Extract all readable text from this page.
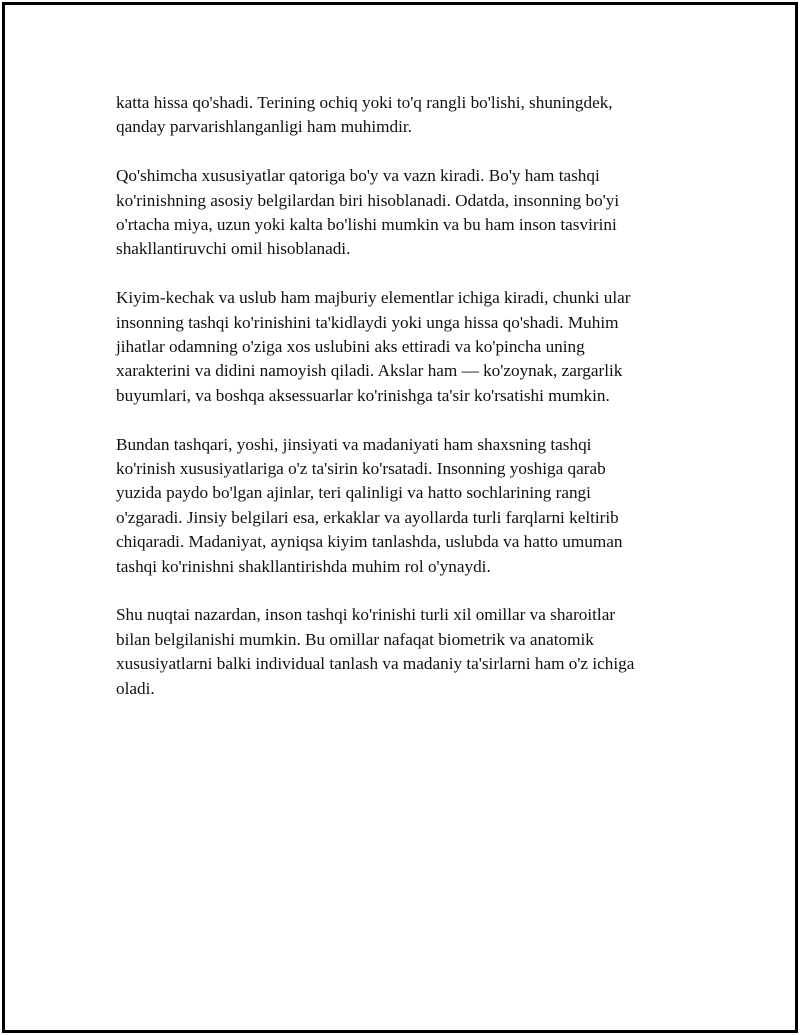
katta hissa qo'shadi. Terining ochiq yoki to'q rangli bo'lishi, shuningdek,
qanday parvarishlanganligi ham muhimdir.

Qo'shimcha xususiyatlar qatoriga bo'y va vazn kiradi. Bo'y ham tashqi
ko'rinishning asosiy belgilardan biri hisoblanadi. Odatda, insonning bo'yi
o'rtacha miya, uzun yoki kalta bo'lishi mumkin va bu ham inson tasvirini
shakllantiruvchi omil hisoblanadi.

Kiyim-kechak va uslub ham majburiy elementlar ichiga kiradi, chunki ular
insonning tashqi ko'rinishini ta'kidlaydi yoki unga hissa qo'shadi. Muhim
jihatlar odamning o'ziga xos uslubini aks ettiradi va ko'pincha uning
xarakterini va didini namoyish qiladi. Akslar ham — ko'zoynak, zargarlik
buyumlari, va boshqa aksessuarlar ko'rinishga ta'sir ko'rsatishi mumkin.

Bundan tashqari, yoshi, jinsiyati va madaniyati ham shaxsning tashqi
ko'rinish xususiyatlariga o'z ta'sirin ko'rsatadi. Insonning yoshiga qarab
yuzida paydo bo'lgan ajinlar, teri qalinligi va hatto sochlarining rangi
o'zgaradi. Jinsiy belgilari esa, erkaklar va ayollarda turli farqlarni keltirib
chiqaradi. Madaniyat, ayniqsa kiyim tanlashda, uslubda va hatto umuman
tashqi ko'rinishni shakllantirishda muhim rol o'ynaydi.

Shu nuqtai nazardan, inson tashqi ko'rinishi turli xil omillar va sharoitlar
bilan belgilanishi mumkin. Bu omillar nafaqat biometrik va anatomik
xususiyatlarni balki individual tanlash va madaniy ta'sirlarni ham o'z ichiga
oladi.
